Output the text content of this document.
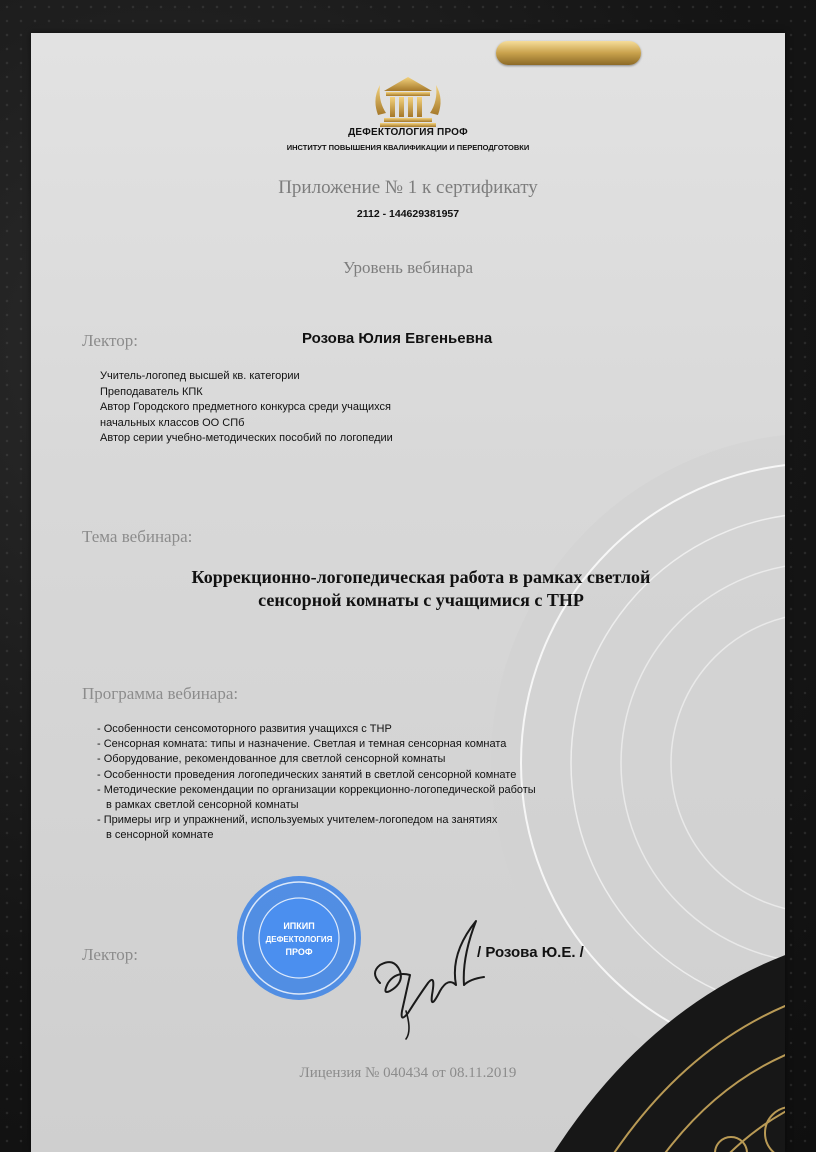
ДЕФЕКТОЛОГИЯ ПРОФ
ИНСТИТУТ ПОВЫШЕНИЯ КВАЛИФИКАЦИИ И ПЕРЕПОДГОТОВКИ
Приложение № 1 к сертификату
2112 - 144629381957
Уровень вебинара
Лектор:	Розова Юлия Евгеньевна
Учитель-логопед высшей кв. категории
Преподаватель КПК
Автор Городского предметного конкурса среди учащихся
начальных классов ОО СПб
Автор серии учебно-методических пособий по логопедии
Тема вебинара:
Коррекционно-логопедическая работа в рамках светлой
сенсорной комнаты с учащимися с ТНР
Программа вебинара:
- Особенности сенсомоторного развития учащихся с ТНР
- Сенсорная комната: типы и назначение. Светлая и темная сенсорная комната
- Оборудование, рекомендованное для светлой сенсорной комнаты
- Особенности проведения логопедических занятий в светлой сенсорной комнате
- Методические рекомендации по организации коррекционно-логопедической работы
в рамках светлой сенсорной комнаты
- Примеры игр и упражнений, используемых учителем-логопедом на занятиях
в сенсорной комнате
Лектор:
ИПКИП
ДЕФЕКТОЛОГИЯ
ПРОФ	/ Розова Ю.Е. /
Лицензия № 040434 от 08.11.2019
